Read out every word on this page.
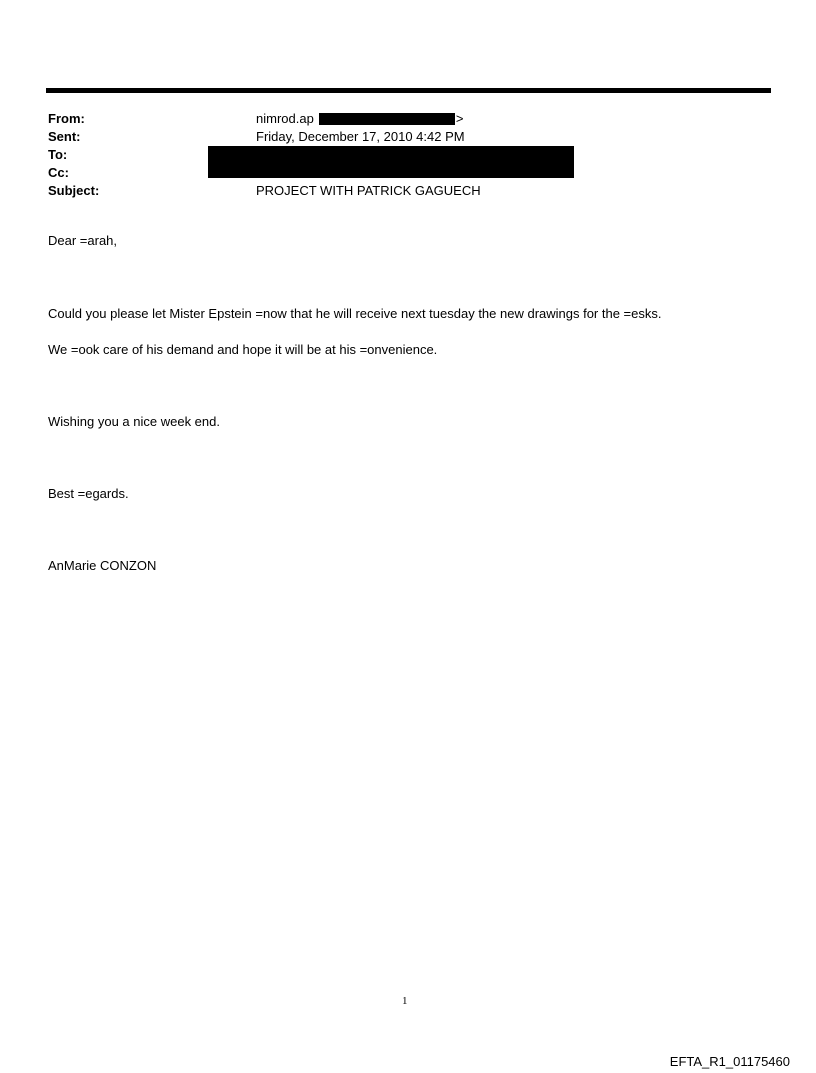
From:	nimrod.ap	>
Sent:	Friday, December 17, 2010 4:42 PM
To:
Cc:
Subject:	PROJECT WITH PATRICK GAGUECH
Dear =arah,
Could you please let Mister Epstein =now that he will receive next tuesday the new drawings for the =esks.
We =ook care of his demand and hope it will be at his =onvenience.
Wishing you a nice week end.
Best =egards.
AnMarie CONZON
1
EFTA_R1_01175460
